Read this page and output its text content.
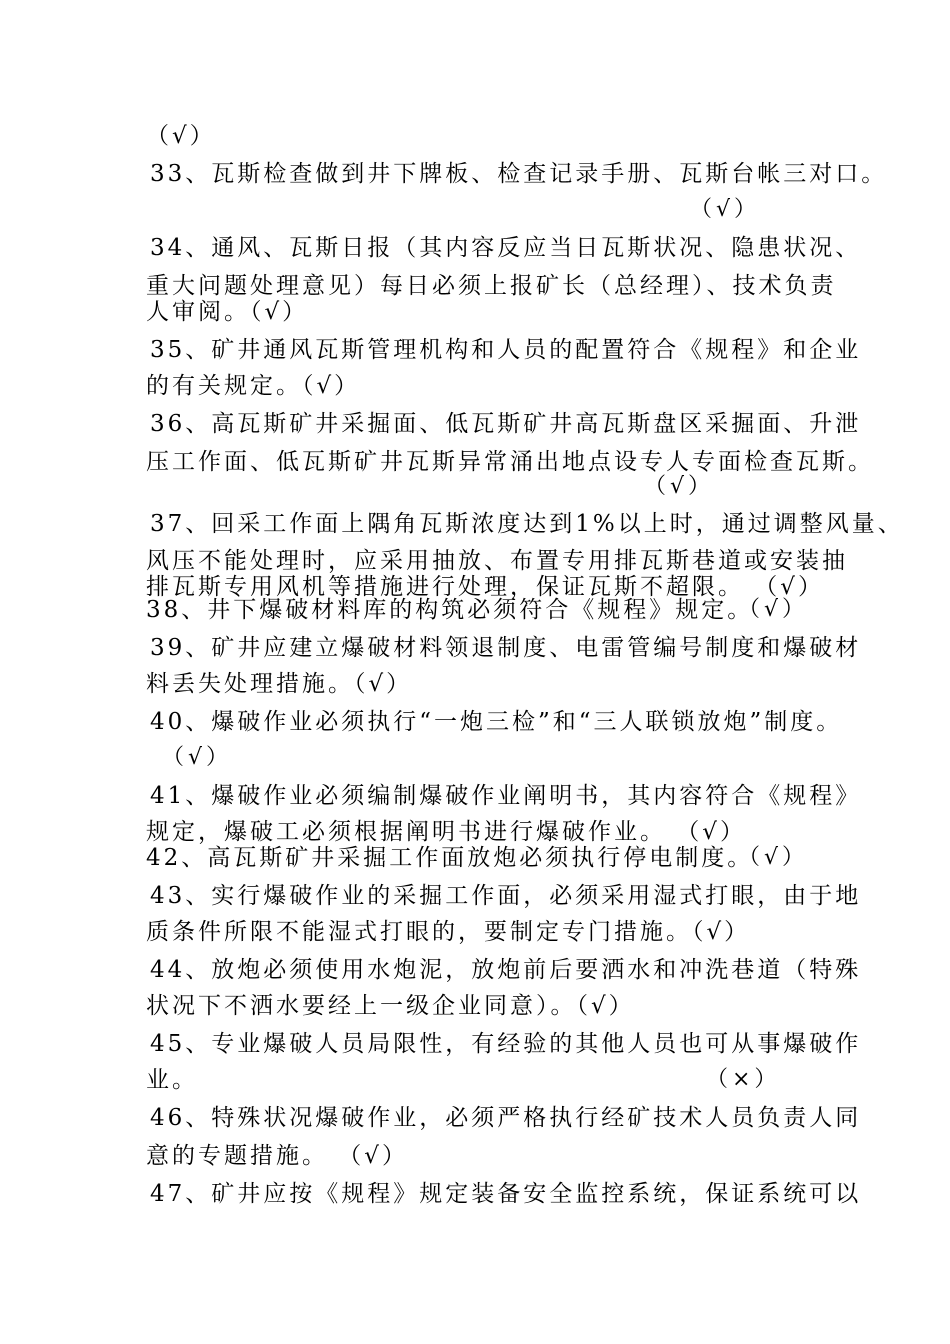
（√）
33、瓦斯检查做到井下牌板、检查记录手册、瓦斯台帐三对口。
（√）
34、通风、瓦斯日报（其内容反应当日瓦斯状况、隐患状况、
重大问题处理意见）每日必须上报矿长（总经理）、技术负责
人审阅。（√）
35、矿井通风瓦斯管理机构和人员的配置符合《规程》和企业
的有关规定。（√）
36、高瓦斯矿井采掘面、低瓦斯矿井高瓦斯盘区采掘面、升泄
压工作面、低瓦斯矿井瓦斯异常涌出地点设专人专面检查瓦斯。
（√）
37、回采工作面上隅角瓦斯浓度达到1%以上时，通过调整风量、
风压不能处理时，应采用抽放、布置专用排瓦斯巷道或安装抽
排瓦斯专用风机等措施进行处理，保证瓦斯不超限。 （√）
38、井下爆破材料库的构筑必须符合《规程》规定。
（√）
39、矿井应建立爆破材料领退制度、电雷管编号制度和爆破材
料丢失处理措施。（√）
40、爆破作业必须执行“一炮三检”和“三人联锁放炮”制度。
（√）
41、爆破作业必须编制爆破作业阐明书，其内容符合《规程》
规定，爆破工必须根据阐明书进行爆破作业。 （√）
42、高瓦斯矿井采掘工作面放炮必须执行停电制度。
（√）
43、实行爆破作业的采掘工作面，必须采用湿式打眼，由于地
质条件所限不能湿式打眼的，要制定专门措施。（√）
44、放炮必须使用水炮泥，放炮前后要洒水和冲洗巷道（特殊
状况下不洒水要经上一级企业同意）。（√）
45、专业爆破人员局限性，有经验的其他人员也可从事爆破作
业。	（×）
46、特殊状况爆破作业，必须严格执行经矿技术人员负责人同
意的专题措施。 （√）
47、矿井应按《规程》规定装备安全监控系统，保证系统可以
